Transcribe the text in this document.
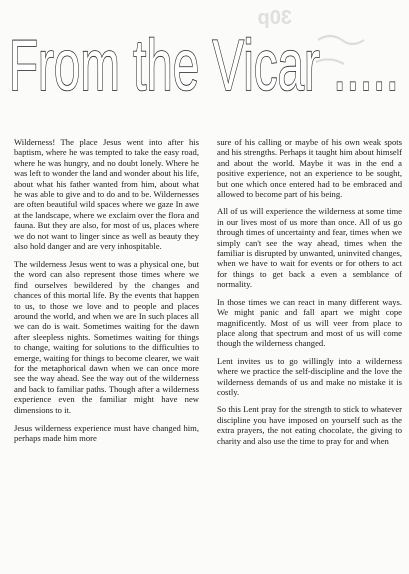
30p
From the Vicar .....

Wilderness! The place Jesus went into after his baptism, where he was tempted to take the easy road, where he was hungry, and no doubt lonely. Where he was left to wonder the land and wonder about his life, about what his father wanted from him, about what he was able to give and to do and to be. Wildernesses are often beautiful wild spaces where we gaze In awe at the landscape, where we exclaim over the flora and fauna. But they are also, for most of us, places where we do not want to linger since as well as beauty they also hold danger and are very inhospitable.

The wilderness Jesus went to was a physical one, but the word can also represent those times where we find ourselves bewildered by the changes and chances of this mortal life. By the events that happen to us, to those we love and to people and places around the world, and when we are In such places all we can do is wait. Sometimes waiting for the dawn after sleepless nights. Sometimes waiting for things to change, waiting for solutions to the difficulties to emerge, waiting for things to become clearer, we wait for the metaphorical dawn when we can once more see the way ahead. See the way out of the wilderness and back to familiar paths. Though after a wilderness experience even the familiar might have new dimensions to it.

Jesus wilderness experience must have changed him, perhaps made him more

sure of his calling or maybe of his own weak spots and his strengths. Perhaps it taught him about himself and about the world. Maybe it was in the end a positive experience, not an experience to be sought, but one which once entered had to be embraced and allowed to become part of his being.

All of us will experience the wilderness at some time in our lives most of us more than once. All of us go through times of uncertainty and fear, times when we simply can't see the way ahead, times when the familiar is disrupted by unwanted, uninvited changes, when we have to wait for events or for others to act for things to get back a even a semblance of normality.

In those times we can react in many different ways. We might panic and fall apart we might cope magnificently. Most of us will veer from place to place along that spectrum and most of us will come though the wilderness changed.

Lent invites us to go willingly into a wilderness where we practice the self-discipline and the love the wilderness demands of us and make no mistake it is costly.

So this Lent pray for the strength to stick to whatever discipline you have imposed on yourself such as the extra prayers, the not eating chocolate, the giving to charity and also use the time to pray for and when
